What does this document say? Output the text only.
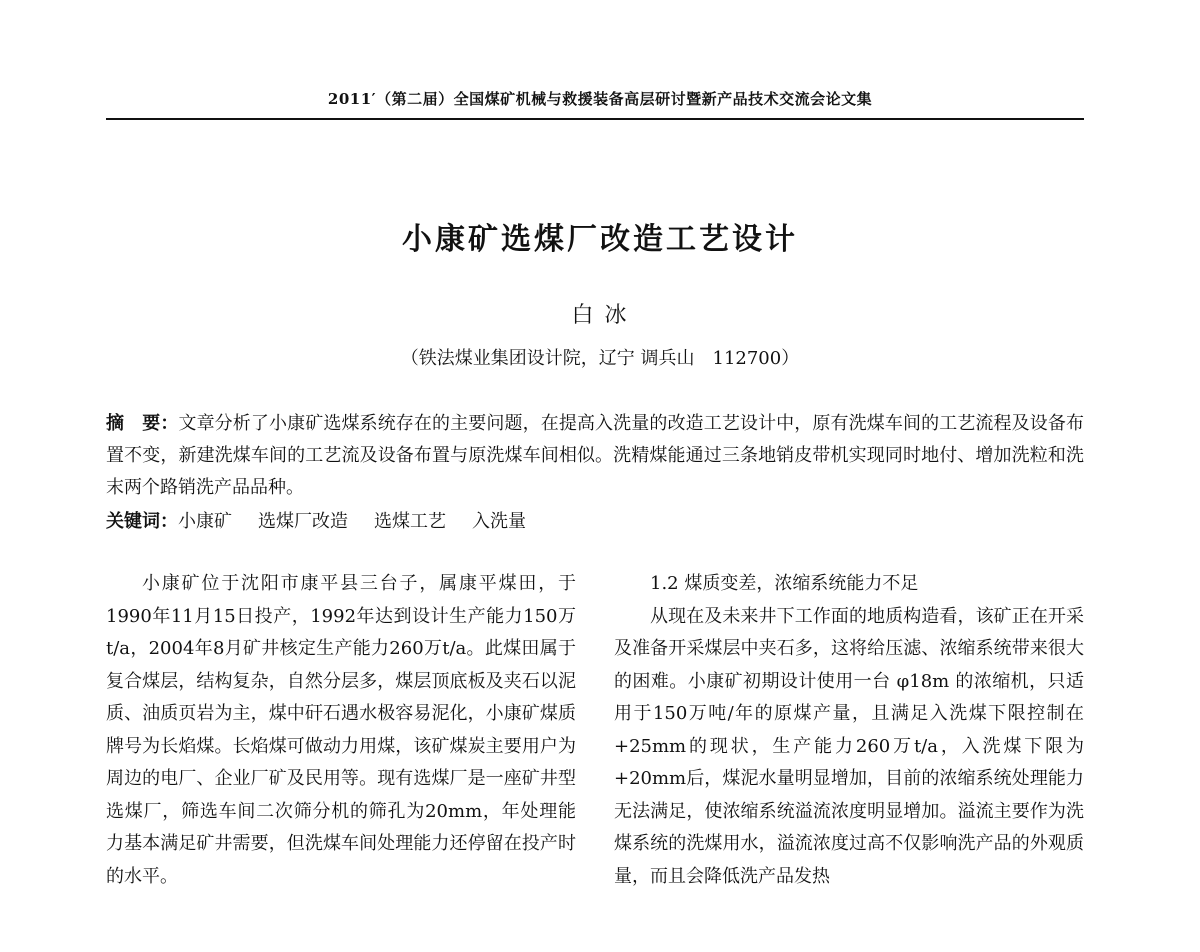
2011′（第二届）全国煤矿机械与救援装备高层研讨暨新产品技术交流会论文集
小康矿选煤厂改造工艺设计
白 冰
（铁法煤业集团设计院，辽宁 调兵山　112700）

摘　要：文章分析了小康矿选煤系统存在的主要问题，在提高入洗量的改造工艺设计中，原有洗煤车间的工艺流程及设备布置不变，新建洗煤车间的工艺流及设备布置与原洗煤车间相似。洗精煤能通过三条地销皮带机实现同时地付、增加洗粒和洗末两个路销洗产品品种。

关键词：小康矿 选煤厂改造 选煤工艺 入洗量

小康矿位于沈阳市康平县三台子，属康平煤田，于1990年11月15日投产，1992年达到设计生产能力150万t/a，2004年8月矿井核定生产能力260万t/a。此煤田属于复合煤层，结构复杂，自然分层多，煤层顶底板及夹石以泥质、油质页岩为主，煤中矸石遇水极容易泥化，小康矿煤质牌号为长焰煤。长焰煤可做动力用煤，该矿煤炭主要用户为周边的电厂、企业厂矿及民用等。现有选煤厂是一座矿井型选煤厂，筛选车间二次筛分机的筛孔为20mm，年处理能力基本满足矿井需要，但洗煤车间处理能力还停留在投产时的水平。

1.2 煤质变差，浓缩系统能力不足

从现在及未来井下工作面的地质构造看，该矿正在开采及准备开采煤层中夹石多，这将给压滤、浓缩系统带来很大的困难。小康矿初期设计使用一台 φ18m 的浓缩机，只适用于150万吨/年的原煤产量，且满足入洗煤下限控制在+25mm的现状，生产能力260万t/a，入洗煤下限为+20mm后，煤泥水量明显增加，目前的浓缩系统处理能力无法满足，使浓缩系统溢流浓度明显增加。溢流主要作为洗煤系统的洗煤用水，溢流浓度过高不仅影响洗产品的外观质量，而且会降低洗产品发热
